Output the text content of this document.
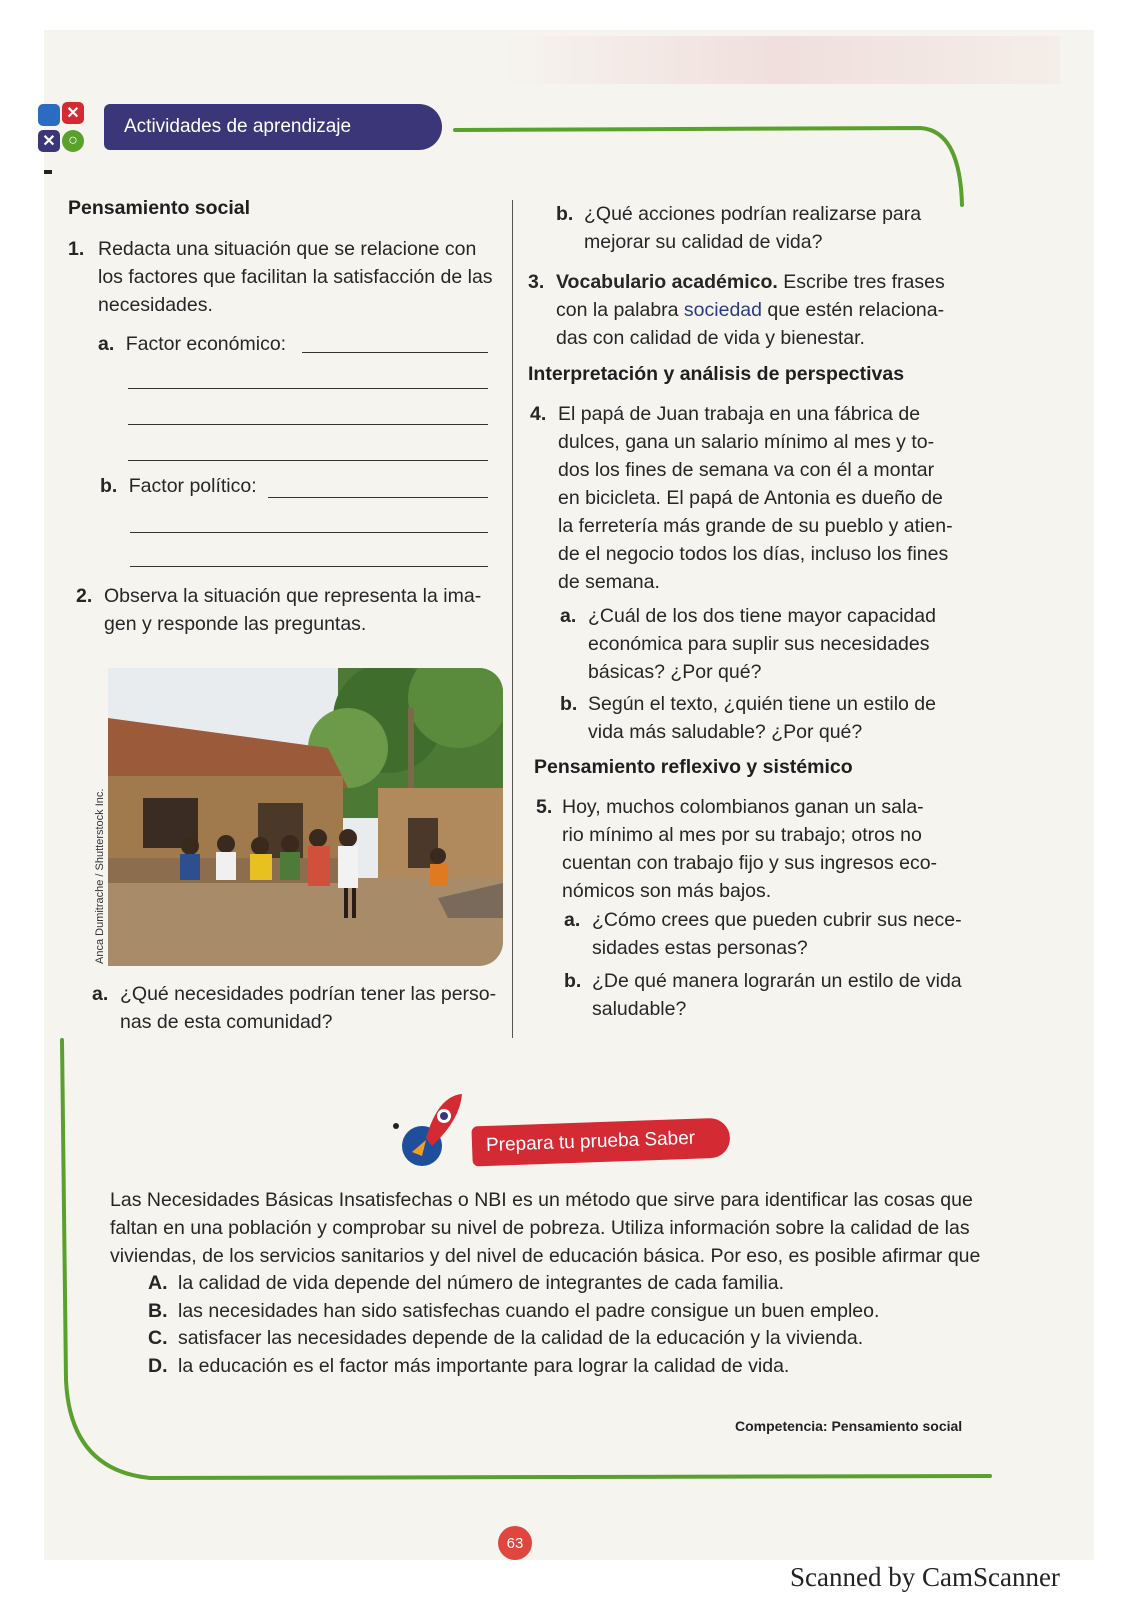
✕
✕ ○
Actividades de aprendizaje
Pensamiento social
1. Redacta una situación que se relacione con
los factores que facilitan la satisfacción de las
necesidades.
a. Factor económico:
b. Factor político:
2. Observa la situación que representa la ima-
gen y responde las preguntas.
Anca Dumitrache / Shutterstock Inc.
a. ¿Qué necesidades podrían tener las perso-
nas de esta comunidad?
b. ¿Qué acciones podrían realizarse para
mejorar su calidad de vida?
3. Vocabulario académico. Escribe tres frases
con la palabra sociedad que estén relaciona-
das con calidad de vida y bienestar.
Interpretación y análisis de perspectivas
4. El papá de Juan trabaja en una fábrica de
dulces, gana un salario mínimo al mes y to-
dos los fines de semana va con él a montar
en bicicleta. El papá de Antonia es dueño de
la ferretería más grande de su pueblo y atien-
de el negocio todos los días, incluso los fines
de semana.
a. ¿Cuál de los dos tiene mayor capacidad
económica para suplir sus necesidades
básicas? ¿Por qué?
b. Según el texto, ¿quién tiene un estilo de
vida más saludable? ¿Por qué?
Pensamiento reflexivo y sistémico
5. Hoy, muchos colombianos ganan un sala-
rio mínimo al mes por su trabajo; otros no
cuentan con trabajo fijo y sus ingresos eco-
nómicos son más bajos.
a. ¿Cómo crees que pueden cubrir sus nece-
sidades estas personas?
b. ¿De qué manera lograrán un estilo de vida
saludable?
Prepara tu prueba Saber
Las Necesidades Básicas Insatisfechas o NBI es un método que sirve para identificar las cosas que
faltan en una población y comprobar su nivel de pobreza. Utiliza información sobre la calidad de las
viviendas, de los servicios sanitarios y del nivel de educación básica. Por eso, es posible afirmar que
A. la calidad de vida depende del número de integrantes de cada familia.
B. las necesidades han sido satisfechas cuando el padre consigue un buen empleo.
C. satisfacer las necesidades depende de la calidad de la educación y la vivienda.
D. la educación es el factor más importante para lograr la calidad de vida.
Competencia: Pensamiento social
63
Scanned by CamScanner
